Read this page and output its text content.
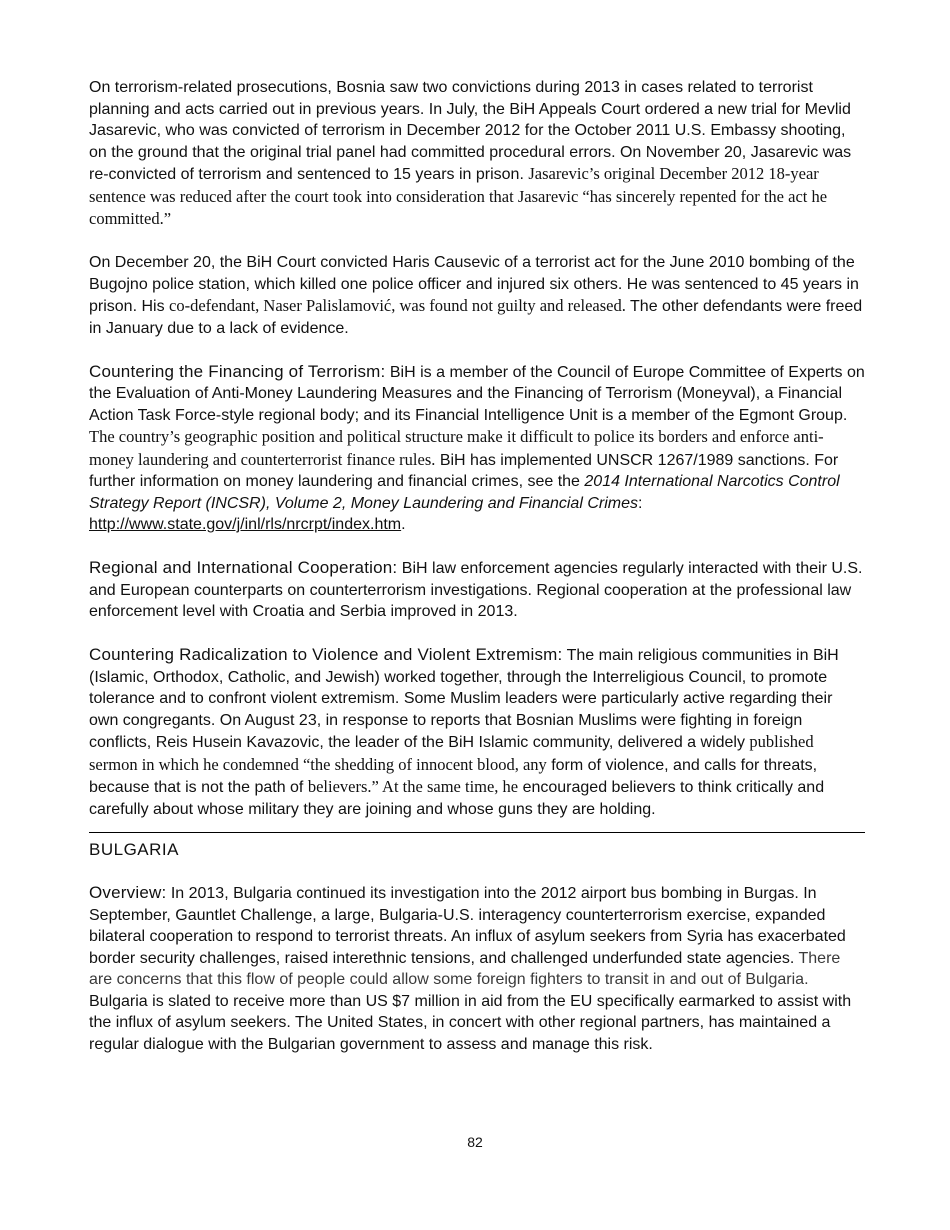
On terrorism-related prosecutions, Bosnia saw two convictions during 2013 in cases related to terrorist planning and acts carried out in previous years. In July, the BiH Appeals Court ordered a new trial for Mevlid Jasarevic, who was convicted of terrorism in December 2012 for the October 2011 U.S. Embassy shooting, on the ground that the original trial panel had committed procedural errors. On November 20, Jasarevic was re-convicted of terrorism and sentenced to 15 years in prison. Jasarevic’s original December 2012 18-year sentence was reduced after the court took into consideration that Jasarevic “has sincerely repented for the act he committed.”

On December 20, the BiH Court convicted Haris Causevic of a terrorist act for the June 2010 bombing of the Bugojno police station, which killed one police officer and injured six others. He was sentenced to 45 years in prison. His co-defendant, Naser Palislamović, was found not guilty and released. The other defendants were freed in January due to a lack of evidence.

Countering the Financing of Terrorism: BiH is a member of the Council of Europe Committee of Experts on the Evaluation of Anti-Money Laundering Measures and the Financing of Terrorism (Moneyval), a Financial Action Task Force-style regional body; and its Financial Intelligence Unit is a member of the Egmont Group. The country’s geographic position and political structure make it difficult to police its borders and enforce anti-money laundering and counterterrorist finance rules. BiH has implemented UNSCR 1267/1989 sanctions. For further information on money laundering and financial crimes, see the 2014 International Narcotics Control Strategy Report (INCSR), Volume 2, Money Laundering and Financial Crimes: http://www.state.gov/j/inl/rls/nrcrpt/index.htm.

Regional and International Cooperation: BiH law enforcement agencies regularly interacted with their U.S. and European counterparts on counterterrorism investigations. Regional cooperation at the professional law enforcement level with Croatia and Serbia improved in 2013.

Countering Radicalization to Violence and Violent Extremism: The main religious communities in BiH (Islamic, Orthodox, Catholic, and Jewish) worked together, through the Interreligious Council, to promote tolerance and to confront violent extremism. Some Muslim leaders were particularly active regarding their own congregants. On August 23, in response to reports that Bosnian Muslims were fighting in foreign conflicts, Reis Husein Kavazovic, the leader of the BiH Islamic community, delivered a widely published sermon in which he condemned “the shedding of innocent blood, any form of violence, and calls for threats, because that is not the path of believers.” At the same time, he encouraged believers to think critically and carefully about whose military they are joining and whose guns they are holding.

BULGARIA

Overview: In 2013, Bulgaria continued its investigation into the 2012 airport bus bombing in Burgas. In September, Gauntlet Challenge, a large, Bulgaria-U.S. interagency counterterrorism exercise, expanded bilateral cooperation to respond to terrorist threats. An influx of asylum seekers from Syria has exacerbated border security challenges, raised interethnic tensions, and challenged underfunded state agencies. There are concerns that this flow of people could allow some foreign fighters to transit in and out of Bulgaria. Bulgaria is slated to receive more than US $7 million in aid from the EU specifically earmarked to assist with the influx of asylum seekers. The United States, in concert with other regional partners, has maintained a regular dialogue with the Bulgarian government to assess and manage this risk.

82
